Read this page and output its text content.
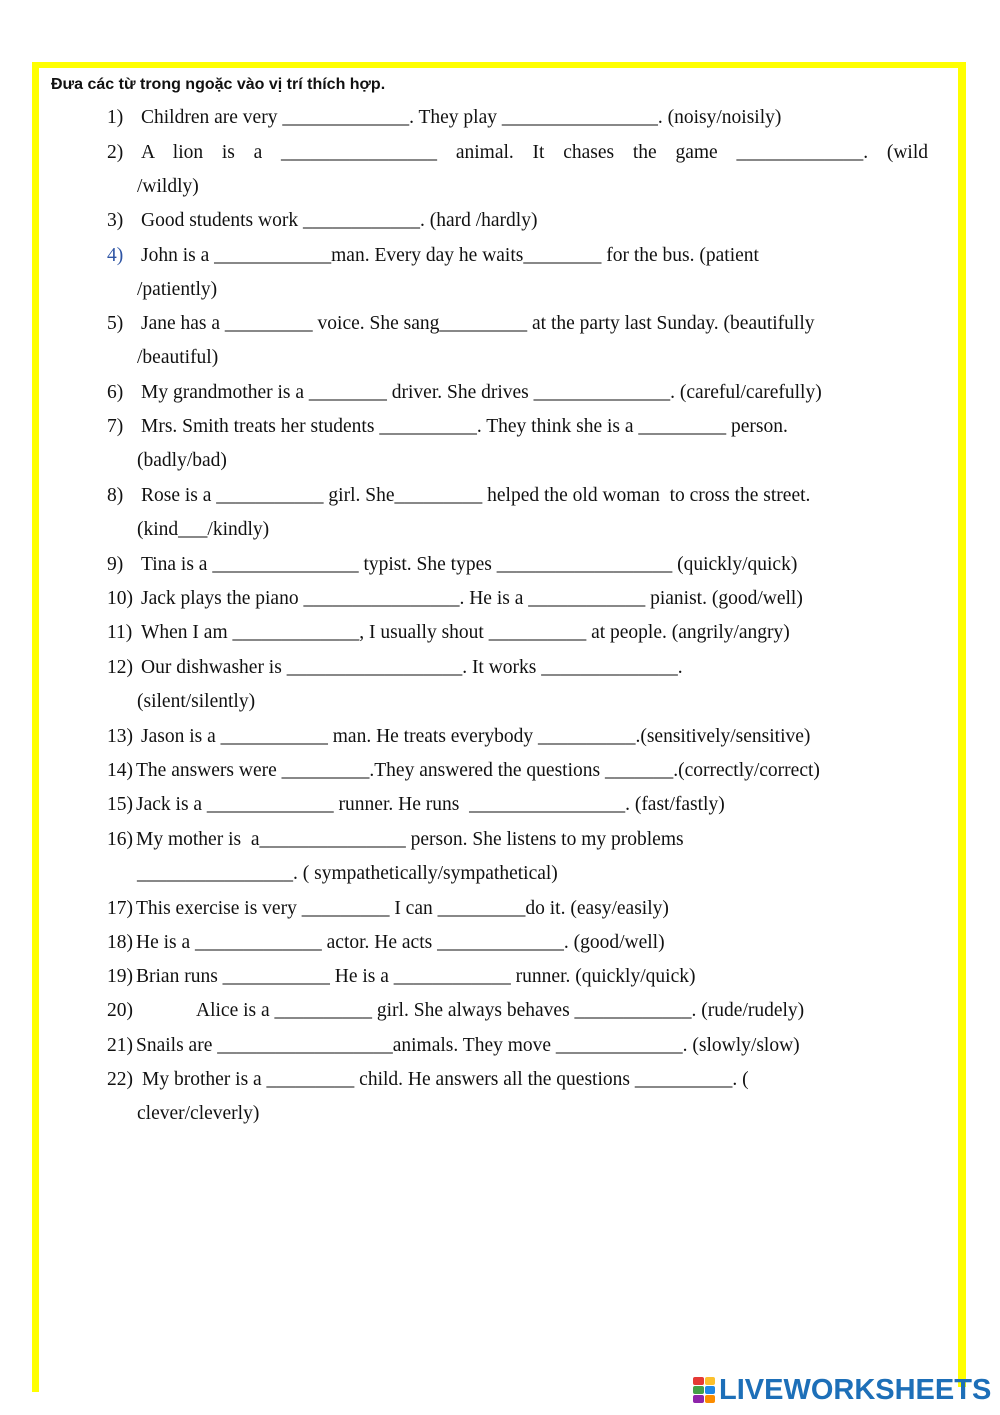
Đưa các từ trong ngoặc vào vị trí thích hợp.
1) Children are very _____________. They play ________________. (noisy/noisily)
2) A lion is a ________________ animal. It chases the game _____________. (wild
/wildly)
3) Good students work ____________. (hard /hardly)
4) John is a ____________man. Every day he waits________ for the bus. (patient
/patiently)
5) Jane has a _________ voice. She sang_________ at the party last Sunday. (beautifully
/beautiful)
6) My grandmother is a ________ driver. She drives ______________. (careful/carefully)
7) Mrs. Smith treats her students __________. They think she is a _________ person.
(badly/bad)
8) Rose is a ___________ girl. She_________ helped the old woman  to cross the street.
(kind___/kindly)
9) Tina is a _______________ typist. She types __________________ (quickly/quick)
10) Jack plays the piano ________________. He is a ____________ pianist. (good/well)
11) When I am _____________, I usually shout __________ at people. (angrily/angry)
12) Our dishwasher is __________________. It works ______________.
(silent/silently)
13) Jason is a ___________ man. He treats everybody __________.(sensitively/sensitive)
14) The answers were _________.They answered the questions _______.(correctly/correct)
15) Jack is a _____________ runner. He runs  ________________. (fast/fastly)
16) My mother is  a_______________ person. She listens to my problems
________________. ( sympathetically/sympathetical)
17) This exercise is very _________ I can _________do it. (easy/easily)
18) He is a _____________ actor. He acts _____________. (good/well)
19) Brian runs ___________ He is a ____________ runner. (quickly/quick)
20)	Alice is a __________ girl. She always behaves ____________. (rude/rudely)
21) Snails are __________________animals. They move _____________. (slowly/slow)
22) My brother is a _________ child. He answers all the questions __________. (
clever/cleverly)
LIVEWORKSHEETS
